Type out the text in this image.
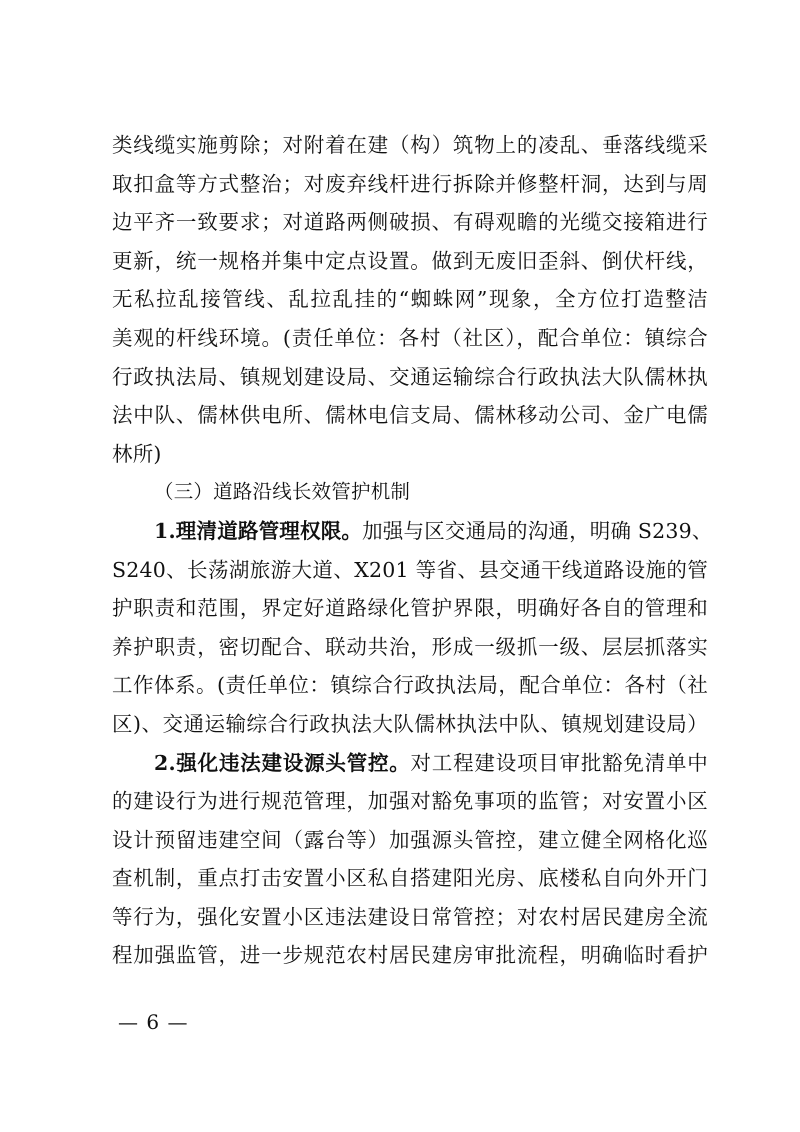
类线缆实施剪除；对附着在建（构）筑物上的凌乱、垂落线缆采
取扣盒等方式整治；对废弃线杆进行拆除并修整杆洞，达到与周
边平齐一致要求；对道路两侧破损、有碍观瞻的光缆交接箱进行
更新，统一规格并集中定点设置。做到无废旧歪斜、倒伏杆线，
无私拉乱接管线、乱拉乱挂的“蜘蛛网”现象，全方位打造整洁
美观的杆线环境。(责任单位：各村（社区），配合单位：镇综合
行政执法局、镇规划建设局、交通运输综合行政执法大队儒林执
法中队、儒林供电所、儒林电信支局、儒林移动公司、金广电儒
林所)
（三）道路沿线长效管护机制
1.理清道路管理权限。加强与区交通局的沟通，明确 S239、
S240、长荡湖旅游大道、X201 等省、县交通干线道路设施的管
护职责和范围，界定好道路绿化管护界限，明确好各自的管理和
养护职责，密切配合、联动共治，形成一级抓一级、层层抓落实
工作体系。(责任单位：镇综合行政执法局，配合单位：各村（社
区)、交通运输综合行政执法大队儒林执法中队、镇规划建设局）
2.强化违法建设源头管控。对工程建设项目审批豁免清单中
的建设行为进行规范管理，加强对豁免事项的监管；对安置小区
设计预留违建空间（露台等）加强源头管控，建立健全网格化巡
查机制，重点打击安置小区私自搭建阳光房、底楼私自向外开门
等行为，强化安置小区违法建设日常管控；对农村居民建房全流
程加强监管，进一步规范农村居民建房审批流程，明确临时看护
— 6 —
